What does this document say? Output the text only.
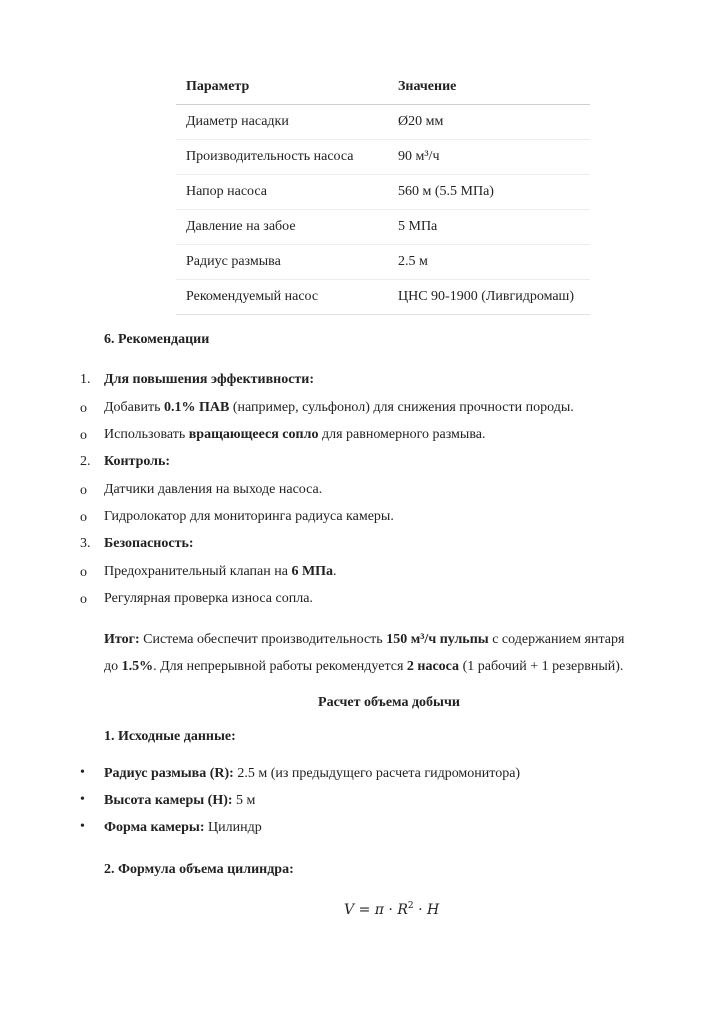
Параметр	Значение
Диаметр насадки	Ø20 мм
Производительность насоса	90 м³/ч
Напор насоса	560 м (5.5 МПа)
Давление на забое	5 МПа
Радиус размыва	2.5 м
Рекомендуемый насос	ЦНС 90-1900 (Ливгидромаш)
6. Рекомендации
1. Для повышения эффективности:
o Добавить 0.1% ПАВ (например, сульфонол) для снижения прочности породы.
o Использовать вращающееся сопло для равномерного размыва.
2. Контроль:
o Датчики давления на выходе насоса.
o Гидролокатор для мониторинга радиуса камеры.
3. Безопасность:
o Предохранительный клапан на 6 МПа.
o Регулярная проверка износа сопла.
Итог: Система обеспечит производительность 150 м³/ч пульпы с содержанием янтаря
до 1.5%. Для непрерывной работы рекомендуется 2 насоса (1 рабочий + 1 резервный).
Расчет объема добычи
1. Исходные данные:
• Радиус размыва (R): 2.5 м (из предыдущего расчета гидромонитора)
• Высота камеры (H): 5 м
• Форма камеры: Цилиндр
2. Формула объема цилиндра:
$V = \pi \cdot R^2 \cdot H$
